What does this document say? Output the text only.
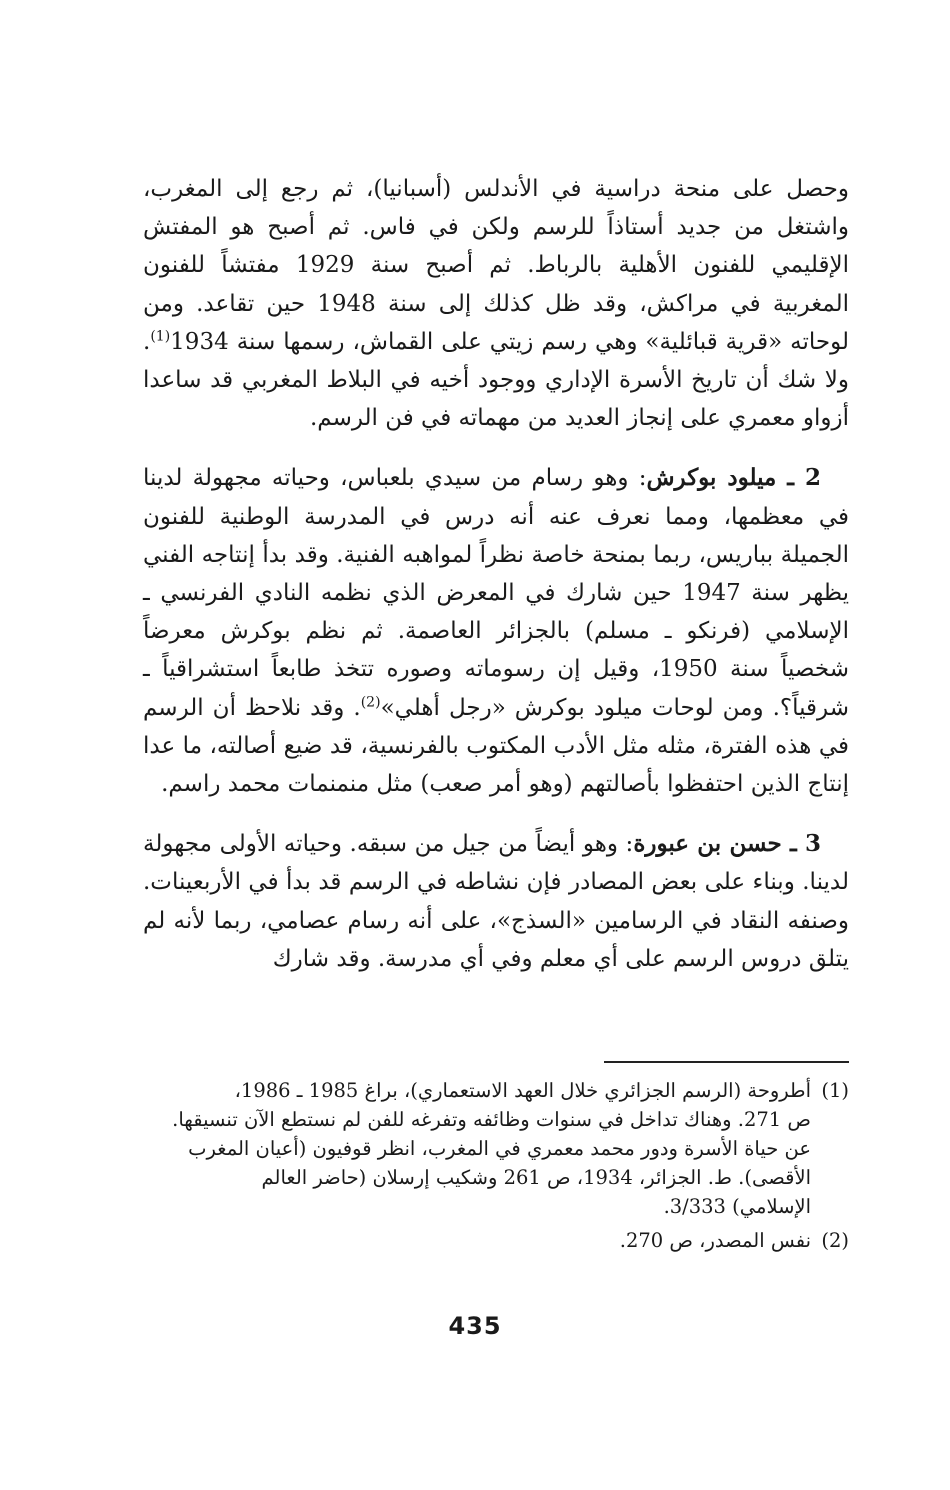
وحصل على منحة دراسية في الأندلس (أسبانيا)، ثم رجع إلى المغرب، واشتغل من جديد أستاذاً للرسم ولكن في فاس. ثم أصبح هو المفتش الإقليمي للفنون الأهلية بالرباط. ثم أصبح سنة 1929 مفتشاً للفنون المغربية في مراكش، وقد ظل كذلك إلى سنة 1948 حين تقاعد. ومن لوحاته «قرية قبائلية» وهي رسم زيتي على القماش، رسمها سنة 1934$^{(1)}$. ولا شك أن تاريخ الأسرة الإداري ووجود أخيه في البلاط المغربي قد ساعدا أزواو معمري على إنجاز العديد من مهماته في فن الرسم.

2 ـ ميلود بوكرش: وهو رسام من سيدي بلعباس، وحياته مجهولة لدينا في معظمها، ومما نعرف عنه أنه درس في المدرسة الوطنية للفنون الجميلة بباريس، ربما بمنحة خاصة نظراً لمواهبه الفنية. وقد بدأ إنتاجه الفني يظهر سنة 1947 حين شارك في المعرض الذي نظمه النادي الفرنسي ـ الإسلامي (فرنكو ـ مسلم) بالجزائر العاصمة. ثم نظم بوكرش معرضاً شخصياً سنة 1950، وقيل إن رسوماته وصوره تتخذ طابعاً استشراقياً ـ شرقياً؟. ومن لوحات ميلود بوكرش «رجل أهلي»$^{(2)}$. وقد نلاحظ أن الرسم في هذه الفترة، مثله مثل الأدب المكتوب بالفرنسية، قد ضيع أصالته، ما عدا إنتاج الذين احتفظوا بأصالتهم (وهو أمر صعب) مثل منمنمات محمد راسم.

3 ـ حسن بن عبورة: وهو أيضاً من جيل من سبقه. وحياته الأولى مجهولة لدينا. وبناء على بعض المصادر فإن نشاطه في الرسم قد بدأ في الأربعينات. وصنفه النقاد في الرسامين «السذج»، على أنه رسام عصامي، ربما لأنه لم يتلق دروس الرسم على أي معلم وفي أي مدرسة. وقد شارك

(1)
أطروحة (الرسم الجزائري خلال العهد الاستعماري)، براغ 1985 ـ 1986،
ص 271. وهناك تداخل في سنوات وظائفه وتفرغه للفن لم نستطع الآن تنسيقها.
عن حياة الأسرة ودور محمد معمري في المغرب، انظر قوفيون (أعيان المغرب
الأقصى). ط. الجزائر، 1934، ص 261 وشكيب إرسلان (حاضر العالم
الإسلامي) 3/333.
(2)
نفس المصدر، ص 270.
435
